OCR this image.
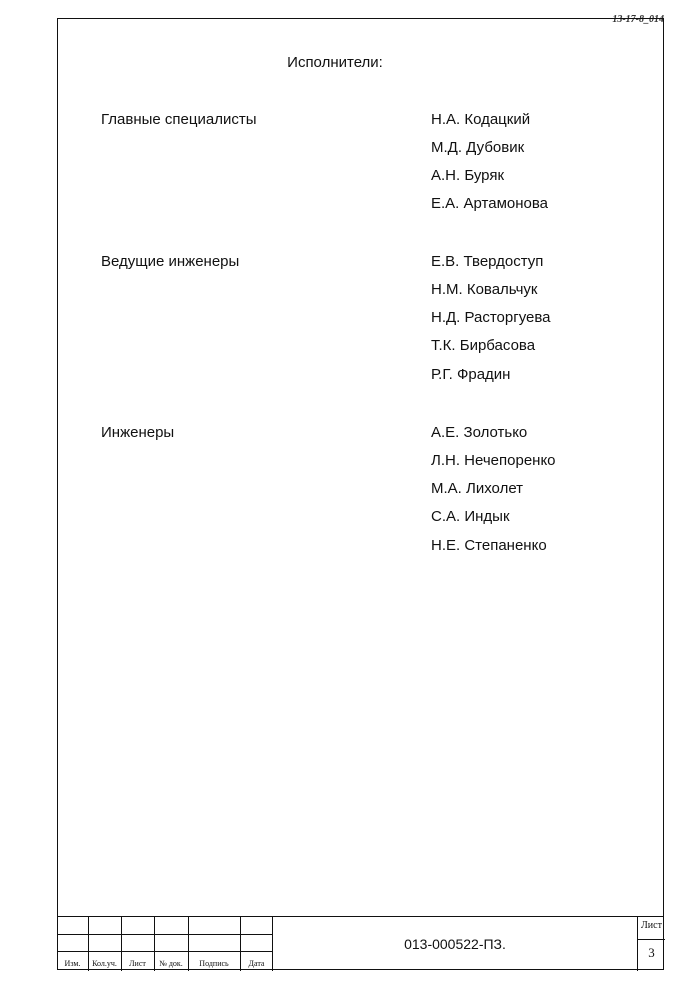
13-17-8_014
Исполнители:
Главные специалисты	Н.А. Кодацкий
М.Д. Дубовик
А.Н. Буряк
Е.А. Артамонова
Ведущие инженеры	Е.В. Твердоступ
Н.М. Ковальчук
Н.Д. Расторгуева
Т.К. Бирбасова
Р.Г. Фрадин
Инженеры	А.Е. Золотько
Л.Н. Нечепоренко
М.А. Лихолет
С.А. Индык
Н.Е. Степаненко
Изм.	Кол.уч.	Лист	№ док.	Подпись	Дата
013-000522-ПЗ.
Лист
3
